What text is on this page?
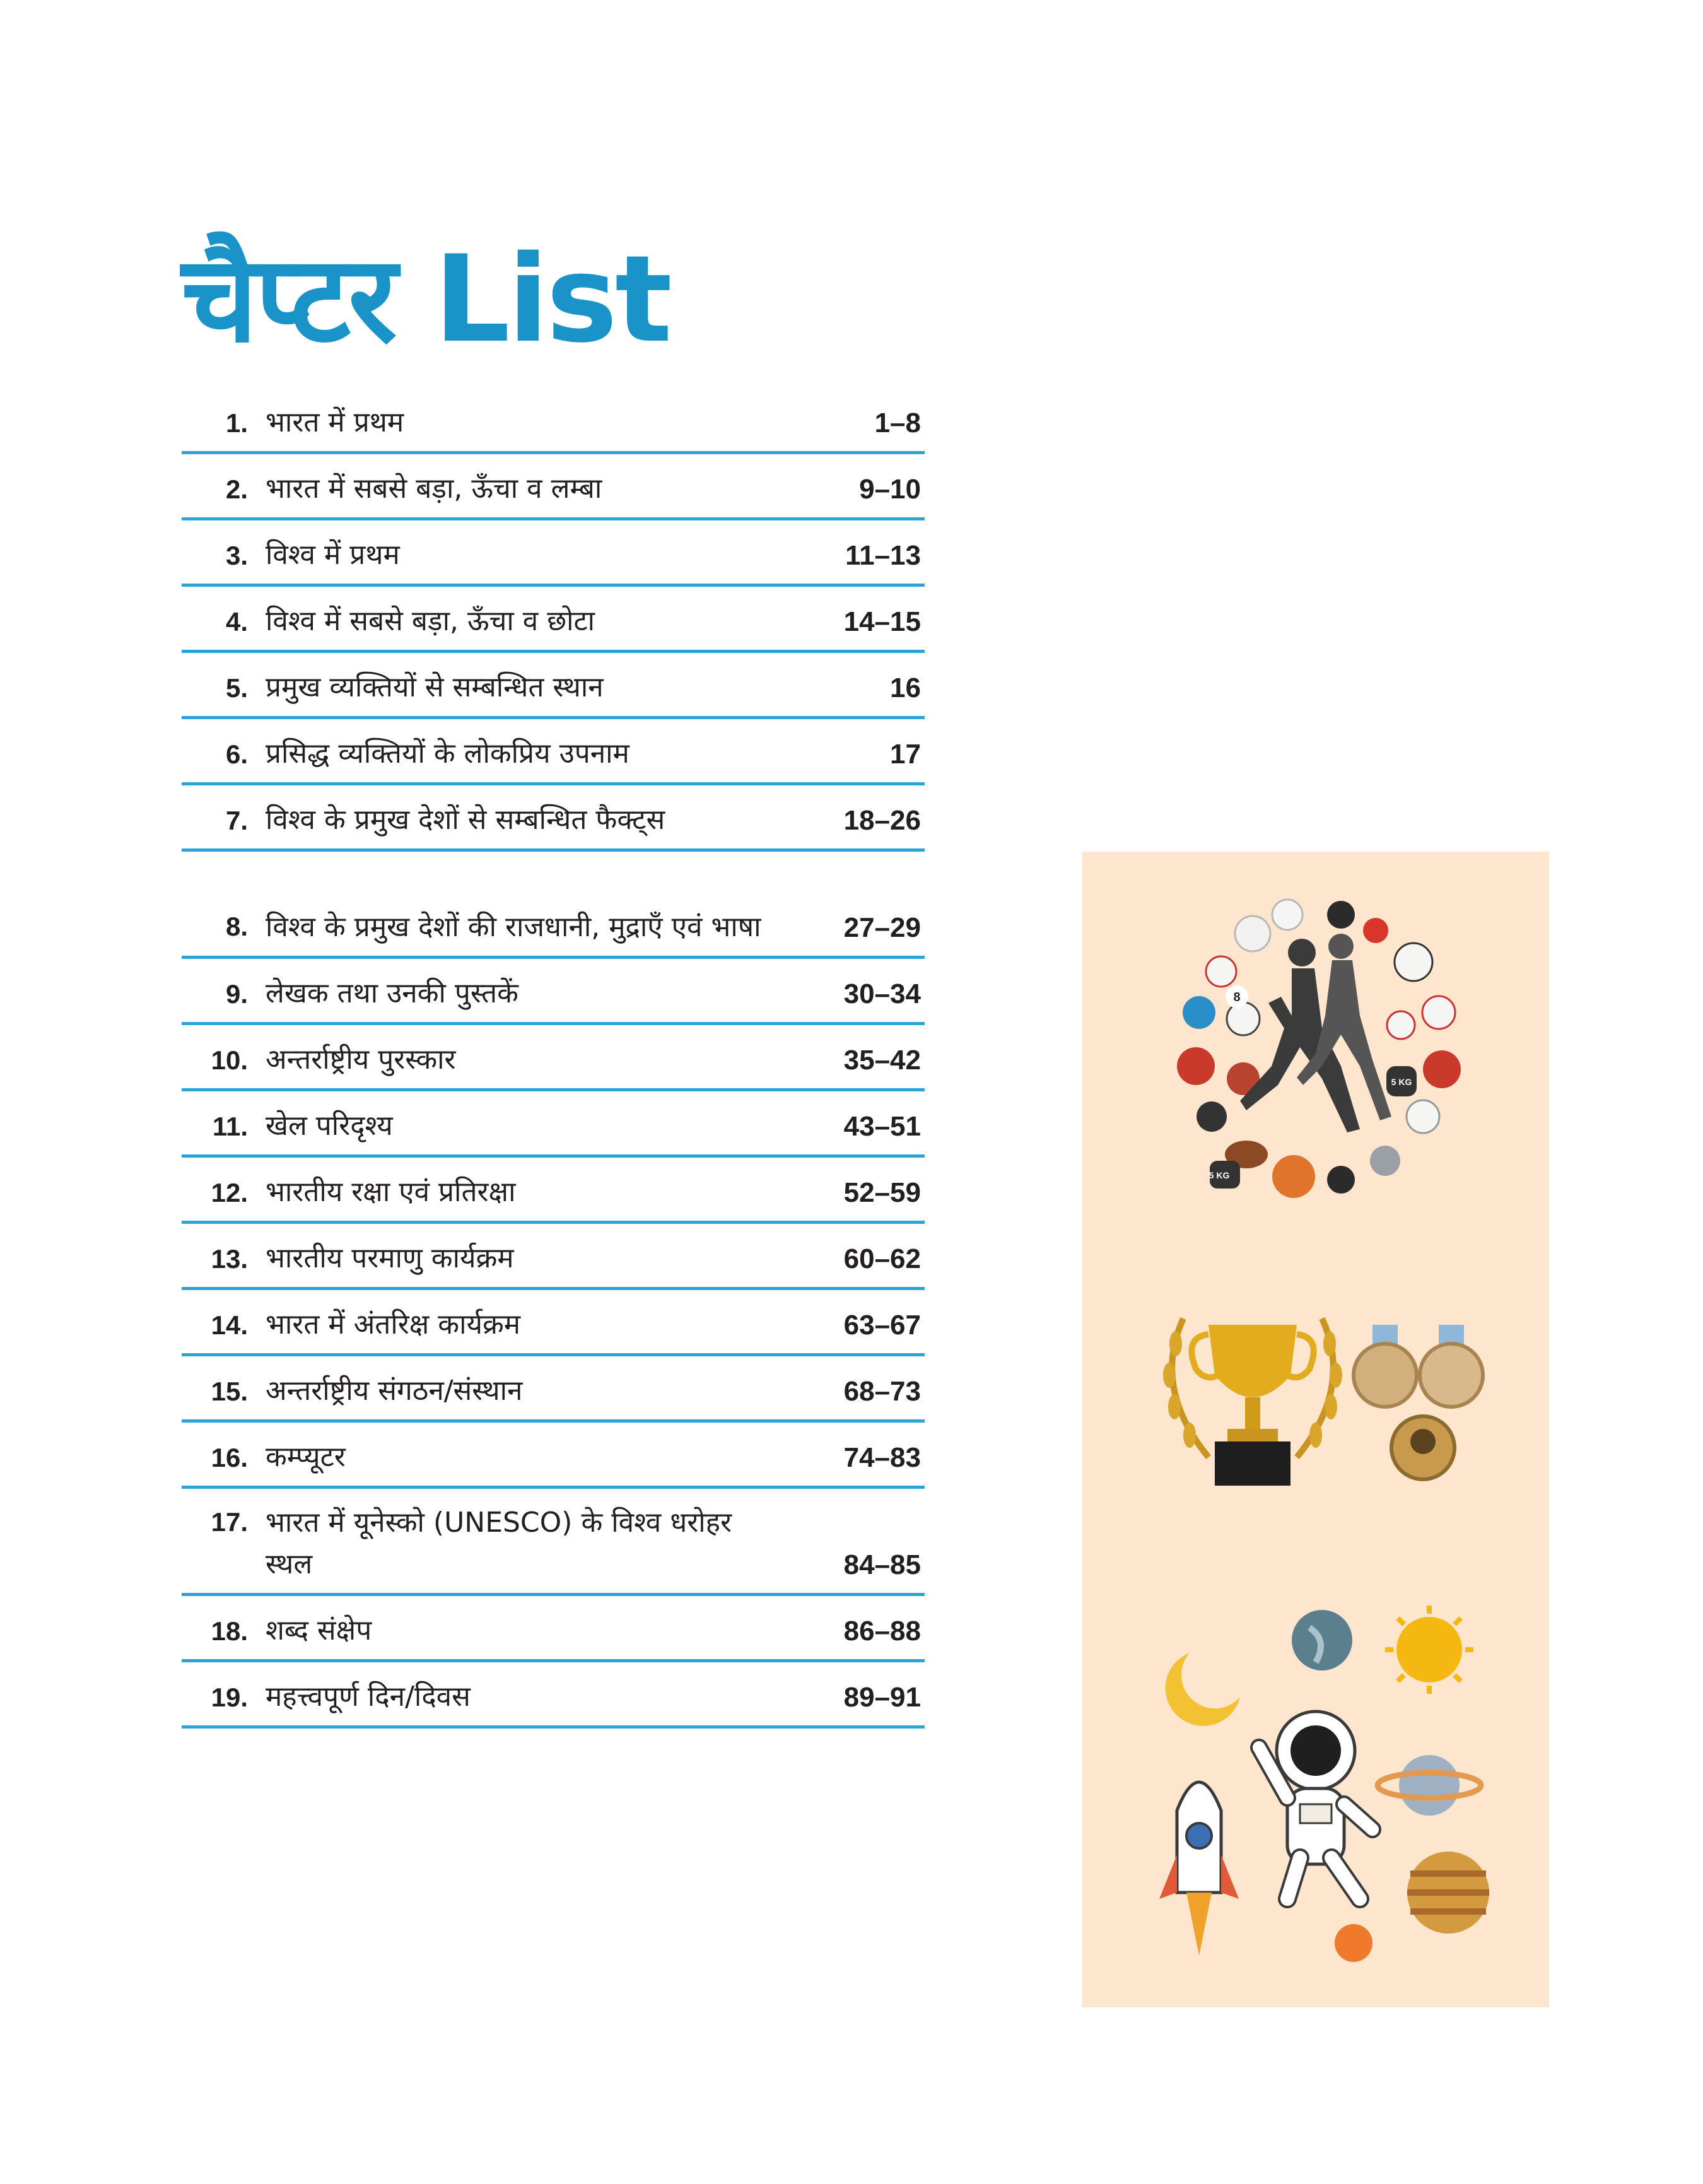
चैप्टर List
1. भारत में प्रथम	1–8
2. भारत में सबसे बड़ा, ऊँचा व लम्बा	9–10
3. विश्व में प्रथम	11–13
4. विश्व में सबसे बड़ा, ऊँचा व छोटा	14–15
5. प्रमुख व्यक्तियों से सम्बन्धित स्थान	16
6. प्रसिद्ध व्यक्तियों के लोकप्रिय उपनाम	17
7. विश्व के प्रमुख देशों से सम्बन्धित फैक्ट्स	18–26
8. विश्व के प्रमुख देशों की राजधानी, मुद्राएँ एवं भाषा	27–29
9. लेखक तथा उनकी पुस्तकें	30–34
10. अन्तर्राष्ट्रीय पुरस्कार	35–42
11. खेल परिदृश्य	43–51
12. भारतीय रक्षा एवं प्रतिरक्षा	52–59
13. भारतीय परमाणु कार्यक्रम	60–62
14. भारत में अंतरिक्ष कार्यक्रम	63–67
15. अन्तर्राष्ट्रीय संगठन/संस्थान	68–73
16. कम्प्यूटर	74–83
17. भारत में यूनेस्को (UNESCO) के विश्व धरोहर स्थल	84–85
18. शब्द संक्षेप	86–88
19. महत्त्वपूर्ण दिन/दिवस	89–91
5 KG
5 KG
8
